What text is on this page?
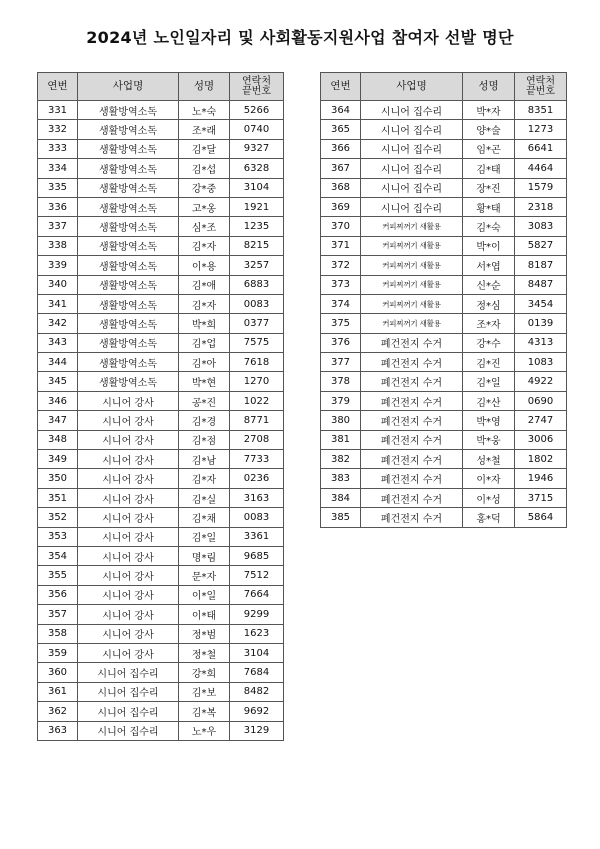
2024년 노인일자리 및 사회활동지원사업 참여자 선발 명단
연번	사업명	성명	연락처
끝번호
331	생활방역소독	노*숙	5266
332	생활방역소독	조*래	0740
333	생활방역소독	김*달	9327
334	생활방역소독	김*섭	6328
335	생활방역소독	강*중	3104
336	생활방역소독	고*옹	1921
337	생활방역소독	심*조	1235
338	생활방역소독	김*자	8215
339	생활방역소독	이*용	3257
340	생활방역소독	김*애	6883
341	생활방역소독	김*자	0083
342	생활방역소독	박*희	0377
343	생활방역소독	김*업	7575
344	생활방역소독	김*아	7618
345	생활방역소독	박*현	1270
346	시니어 강사	공*진	1022
347	시니어 강사	김*경	8771
348	시니어 강사	김*점	2708
349	시니어 강사	김*남	7733
350	시니어 강사	김*자	0236
351	시니어 강사	김*실	3163
352	시니어 강사	김*채	0083
353	시니어 강사	김*일	3361
354	시니어 강사	명*림	9685
355	시니어 강사	문*자	7512
356	시니어 강사	이*일	7664
357	시니어 강사	이*태	9299
358	시니어 강사	정*범	1623
359	시니어 강사	정*철	3104
360	시니어 집수리	강*희	7684
361	시니어 집수리	김*보	8482
362	시니어 집수리	김*복	9692
363	시니어 집수리	노*우	3129
연번	사업명	성명	연락처
끝번호
364	시니어 집수리	박*자	8351
365	시니어 집수리	양*술	1273
366	시니어 집수리	임*곤	6641
367	시니어 집수리	김*태	4464
368	시니어 집수리	장*진	1579
369	시니어 집수리	황*태	2318
370	커피찌꺼기 새활용	김*숙	3083
371	커피찌꺼기 새활용	박*이	5827
372	커피찌꺼기 새활용	서*엽	8187
373	커피찌꺼기 새활용	신*순	8487
374	커피찌꺼기 새활용	정*심	3454
375	커피찌꺼기 새활용	조*자	0139
376	폐건전지 수거	강*수	4313
377	폐건전지 수거	김*진	1083
378	폐건전지 수거	김*일	4922
379	폐건전지 수거	김*산	0690
380	폐건전지 수거	박*영	2747
381	폐건전지 수거	박*웅	3006
382	폐건전지 수거	성*철	1802
383	폐건전지 수거	이*자	1946
384	폐건전지 수거	이*성	3715
385	폐건전지 수거	홍*덕	5864
